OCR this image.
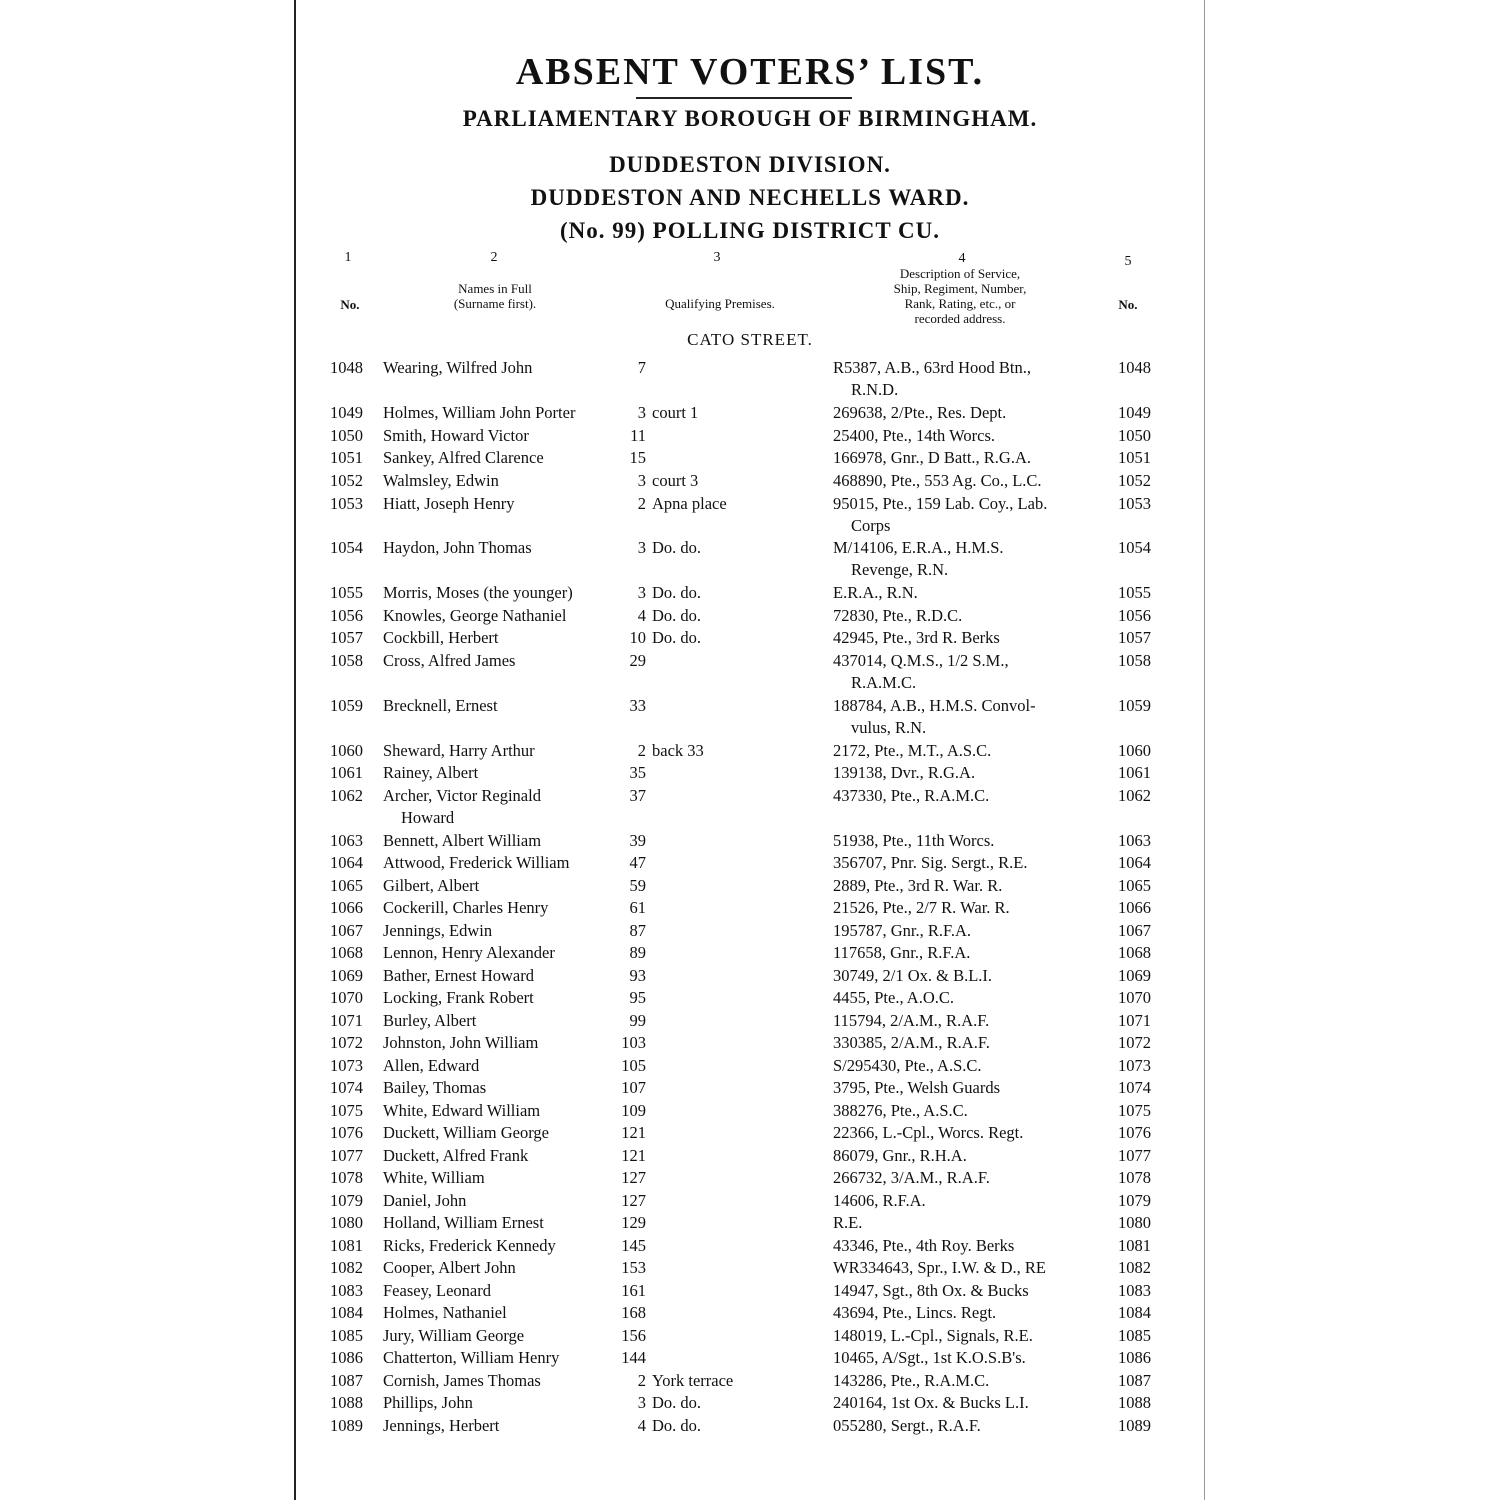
ABSENT VOTERS’ LIST.
PARLIAMENTARY BOROUGH OF BIRMINGHAM.
DUDDESTON DIVISION.
DUDDESTON AND NECHELLS WARD.
(No. 99) POLLING DISTRICT CU.
1	2	3	4	5
No.
Names in Full
(Surname first).	Qualifying Premises.
Description of Service,
Ship, Regiment, Number,
Rank, Rating, etc., or
recorded address.
No.
CATO STREET.
1048 Wearing, Wilfred John	7	R5387, A.B., 63rd Hood Btn.,	1048
R.N.D.
1049 Holmes, William John Porter	3 court 1	269638, 2/Pte., Res. Dept.	1049
1050 Smith, Howard Victor	11	25400, Pte., 14th Worcs.	1050
1051 Sankey, Alfred Clarence	15	166978, Gnr., D Batt., R.G.A.	1051
1052 Walmsley, Edwin	3 court 3	468890, Pte., 553 Ag. Co., L.C.	1052
1053 Hiatt, Joseph Henry	2 Apna place	95015, Pte., 159 Lab. Coy., Lab.	1053
Corps
1054 Haydon, John Thomas	3 Do. do.	M/14106, E.R.A., H.M.S.	1054
Revenge, R.N.
1055 Morris, Moses (the younger)	3 Do. do.	E.R.A., R.N.	1055
1056 Knowles, George Nathaniel	4 Do. do.	72830, Pte., R.D.C.	1056
1057 Cockbill, Herbert	10 Do. do.	42945, Pte., 3rd R. Berks	1057
1058 Cross, Alfred James	29	437014, Q.M.S., 1/2 S.M.,	1058
R.A.M.C.
1059 Brecknell, Ernest	33	188784, A.B., H.M.S. Convol-	1059
vulus, R.N.
1060 Sheward, Harry Arthur	2 back 33	2172, Pte., M.T., A.S.C.	1060
1061 Rainey, Albert	35	139138, Dvr., R.G.A.	1061
1062 Archer, Victor Reginald	37	437330, Pte., R.A.M.C.	1062
Howard
1063 Bennett, Albert William	39	51938, Pte., 11th Worcs.	1063
1064 Attwood, Frederick William	47	356707, Pnr. Sig. Sergt., R.E.	1064
1065 Gilbert, Albert	59	2889, Pte., 3rd R. War. R.	1065
1066 Cockerill, Charles Henry	61	21526, Pte., 2/7 R. War. R.	1066
1067 Jennings, Edwin	87	195787, Gnr., R.F.A.	1067
1068 Lennon, Henry Alexander	89	117658, Gnr., R.F.A.	1068
1069 Bather, Ernest Howard	93	30749, 2/1 Ox. & B.L.I.	1069
1070 Locking, Frank Robert	95	4455, Pte., A.O.C.	1070
1071 Burley, Albert	99	115794, 2/A.M., R.A.F.	1071
1072 Johnston, John William	103	330385, 2/A.M., R.A.F.	1072
1073 Allen, Edward	105	S/295430, Pte., A.S.C.	1073
1074 Bailey, Thomas	107	3795, Pte., Welsh Guards	1074
1075 White, Edward William	109	388276, Pte., A.S.C.	1075
1076 Duckett, William George	121	22366, L.-Cpl., Worcs. Regt.	1076
1077 Duckett, Alfred Frank	121	86079, Gnr., R.H.A.	1077
1078 White, William	127	266732, 3/A.M., R.A.F.	1078
1079 Daniel, John	127	14606, R.F.A.	1079
1080 Holland, William Ernest	129	R.E.	1080
1081 Ricks, Frederick Kennedy	145	43346, Pte., 4th Roy. Berks	1081
1082 Cooper, Albert John	153	WR334643, Spr., I.W. & D., RE	1082
1083 Feasey, Leonard	161	14947, Sgt., 8th Ox. & Bucks	1083
1084 Holmes, Nathaniel	168	43694, Pte., Lincs. Regt.	1084
1085 Jury, William George	156	148019, L.-Cpl., Signals, R.E.	1085
1086 Chatterton, William Henry	144	10465, A/Sgt., 1st K.O.S.B's.	1086
1087 Cornish, James Thomas	2 York terrace	143286, Pte., R.A.M.C.	1087
1088 Phillips, John	3 Do. do.	240164, 1st Ox. & Bucks L.I.	1088
1089 Jennings, Herbert	4 Do. do.	055280, Sergt., R.A.F.	1089
